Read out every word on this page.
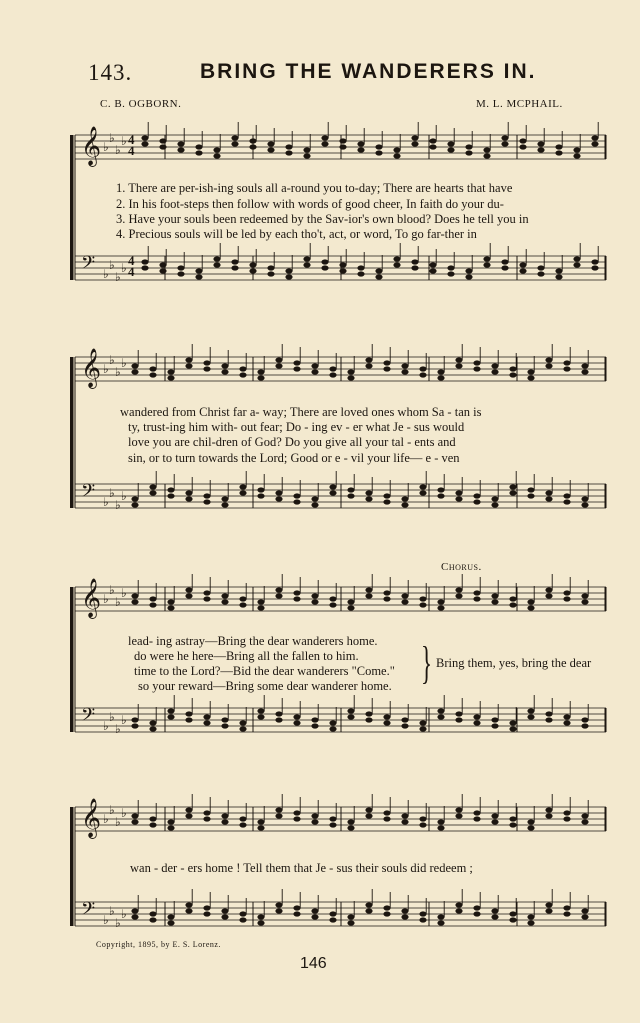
143.	BRING THE WANDERERS IN.
C. B. OGBORN.	M. L. MCPHAIL.
𝄞 ♭
♭
♭
♭
𝄢 ♭
♭
♭
♭
𝄞 ♭
♭
♭
♭
𝄢 ♭
♭
♭
♭
𝄞 ♭
♭
♭
♭
𝄢 ♭
♭
♭
♭
𝄞 ♭
♭
♭
♭
𝄢 ♭
♭
♭
♭
4
4
4
4
1. There are per-ish-ing souls all a-round you to-day; There are hearts that have
2. In his foot-steps then follow with words of good cheer, In faith do your du-
3. Have your souls been redeemed by the Sav-ior's own blood? Does he tell you in
4. Precious souls will be led by each tho't, act, or word, To go far-ther in
wandered from Christ far a- way; There are loved ones whom Sa - tan is
ty, trust-ing him with- out fear; Do - ing ev - er what Je - sus would
love you are chil-dren of God? Do you give all your tal - ents and
sin, or to turn towards the Lord; Good or e - vil your life— e - ven
Chorus.
lead- ing astray—Bring the dear wanderers home.
do were he here—Bring all the fallen to him.
time to the Lord?—Bid the dear wanderers "Come."
so your reward—Bring some dear wanderer home. } Bring them, yes, bring the dear
wan - der - ers home ! Tell them that Je - sus their souls did redeem ;
Copyright, 1895, by E. S. Lorenz.
146
